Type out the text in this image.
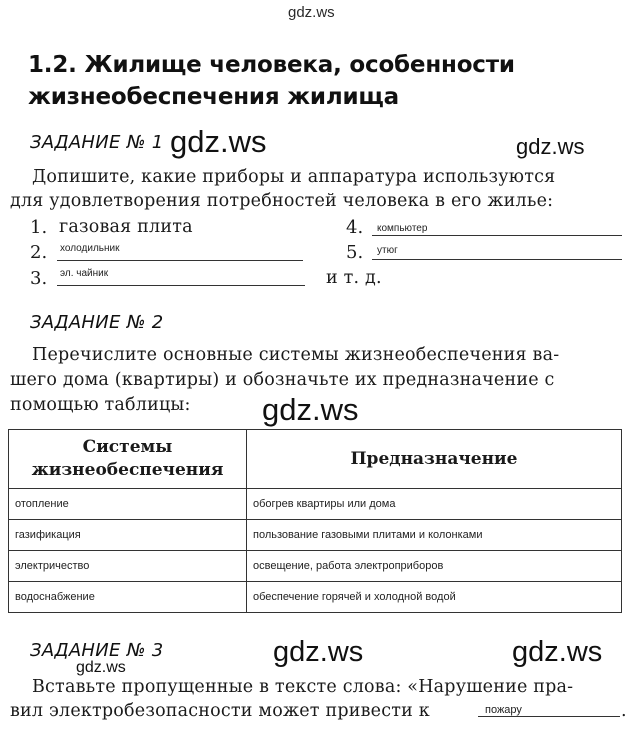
gdz.ws
gdz.ws	gdz.ws
gdz.ws
gdz.ws	gdz.ws
gdz.ws
1.2. Жилище человека, особенности
жизнеобеспечения жилища
ЗАДАНИЕ № 1
Допишите, какие приборы и аппаратура используются
для удовлетворения потребностей человека в его жилье:
1. газовая плита
2. холодильник
3. эл. чайник
4. компьютер
5. утюг
и т. д.
ЗАДАНИЕ № 2
Перечислите основные системы жизнеобеспечения ва-
шего дома (квартиры) и обозначьте их предназначение с
помощью таблицы:
Системы
жизнеобеспечения	Предназначение
отопление	обогрев квартиры или дома
газификация	пользование газовыми плитами и колонками
электричество	освещение, работа электроприборов
водоснабжение	обеспечение горячей и холодной водой
ЗАДАНИЕ № 3
Вставьте пропущенные в тексте слова: «Нарушение пра-
вил электробезопасности может привести к	пожару	.
